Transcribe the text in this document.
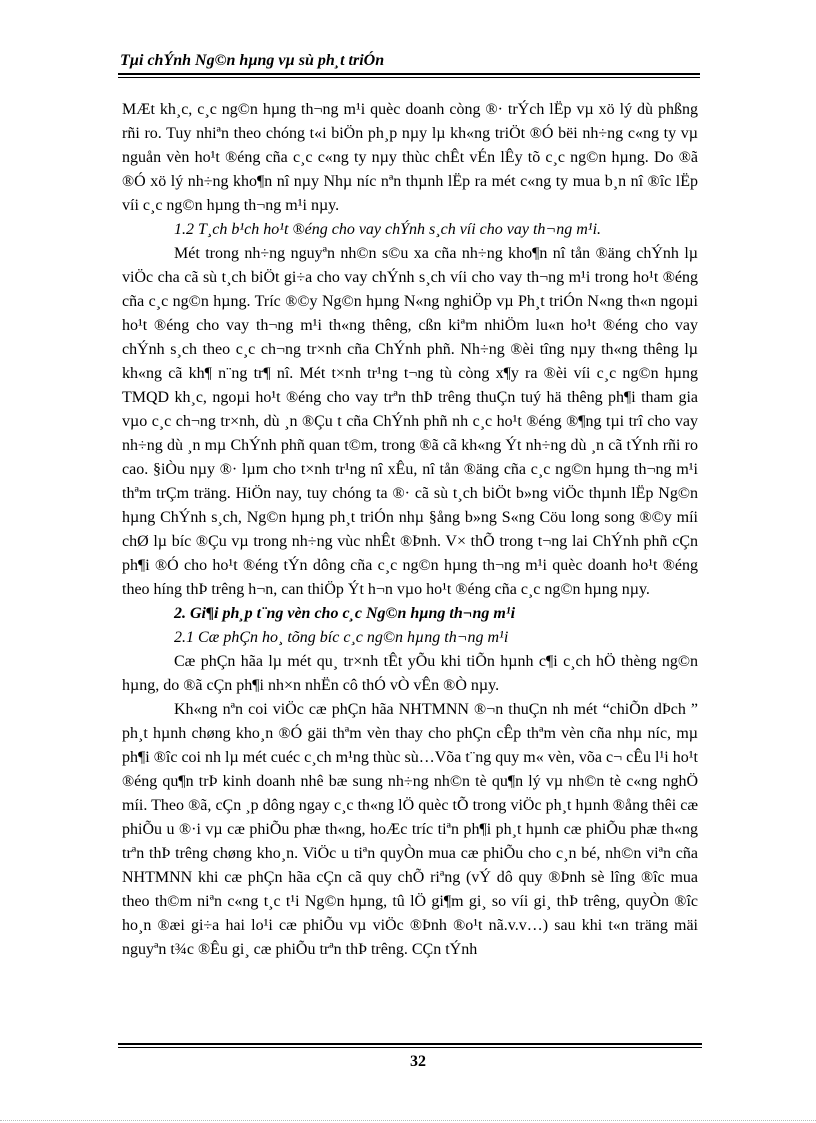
Tµi chÝnh Ng©n hµng vµ sù ph¸t triÓn

MÆt kh¸c, c¸c ng©n hµng th¬ng m¹i quèc doanh còng ®· trÝch lËp vµ xö lý dù phßng rñi ro. Tuy nhiªn theo chóng t«i biÖn ph¸p nµy lµ kh«ng triÖt ®Ó bëi nh÷ng c«ng ty vµ nguån vèn ho¹t ®éng cña c¸c c«ng ty nµy thùc chÊt vÉn lÊy tõ c¸c ng©n hµng. Do ®ã ®Ó xö lý nh÷ng kho¶n nî nµy Nhµ níc nªn thµnh lËp ra mét c«ng ty mua b¸n nî ®îc lËp víi c¸c ng©n hµng th¬ng m¹i nµy.

1.2 T¸ch b¹ch ho¹t ®éng cho vay chÝnh s¸ch víi cho vay th¬ng m¹i.

Mét trong nh÷ng nguyªn nh©n s©u xa cña nh÷ng kho¶n nî tån ®äng chÝnh lµ viÖc cha cã sù t¸ch biÖt gi÷a cho vay chÝnh s¸ch víi cho vay th¬ng m¹i trong ho¹t ®éng cña c¸c ng©n hµng. Tríc ®©y Ng©n hµng N«ng nghiÖp vµ Ph¸t triÓn N«ng th«n ngoµi ho¹t ®éng cho vay th¬ng m¹i th«ng thêng, cßn kiªm nhiÖm lu«n ho¹t ®éng cho vay chÝnh s¸ch theo c¸c ch¬ng tr×nh cña ChÝnh phñ. Nh÷ng ®èi tîng nµy th«ng thêng lµ kh«ng cã kh¶ n¨ng tr¶ nî. Mét t×nh tr¹ng t¬ng tù còng x¶y ra ®èi víi c¸c ng©n hµng TMQD kh¸c, ngoµi ho¹t ®éng cho vay trªn thÞ trêng thuÇn tuý hä thêng ph¶i tham gia vµo c¸c ch¬ng tr×nh, dù ¸n ®Çu t cña ChÝnh phñ nh c¸c ho¹t ®éng ®¶ng tµi trî cho vay nh÷ng dù ¸n mµ ChÝnh phñ quan t©m, trong ®ã cã kh«ng Ýt nh÷ng dù ¸n cã tÝnh rñi ro cao. §iÒu nµy ®· lµm cho t×nh tr¹ng nî xÊu, nî tån ®äng cña c¸c ng©n hµng th¬ng m¹i thªm trÇm träng. HiÖn nay, tuy chóng ta ®· cã sù t¸ch biÖt b»ng viÖc thµnh lËp Ng©n hµng ChÝnh s¸ch, Ng©n hµng ph¸t triÓn nhµ §ång b»ng S«ng Cöu long song ®©y míi chØ lµ bíc ®Çu vµ trong nh÷ng vùc nhÊt ®Þnh. V× thÕ trong t¬ng lai ChÝnh phñ cÇn ph¶i ®Ó cho ho¹t ®éng tÝn dông cña c¸c ng©n hµng th¬ng m¹i quèc doanh ho¹t ®éng theo híng thÞ trêng h¬n, can thiÖp Ýt h¬n vµo ho¹t ®éng cña c¸c ng©n hµng nµy.

2. Gi¶i ph¸p t¨ng vèn cho c¸c Ng©n hµng th¬ng m¹i

2.1 Cæ phÇn ho¸ tõng bíc c¸c ng©n hµng th¬ng m¹i

Cæ phÇn hãa lµ mét qu¸ tr×nh tÊt yÕu khi tiÕn hµnh c¶i c¸ch hÖ thèng ng©n hµng, do ®ã cÇn ph¶i nh×n nhËn cô thÓ vÒ vÊn ®Ò nµy.

Kh«ng nªn coi viÖc cæ phÇn hãa NHTMNN ®¬n thuÇn nh mét “chiÕn dÞch ” ph¸t hµnh chøng kho¸n ®Ó gäi thªm vèn thay cho phÇn cÊp thªm vèn cña nhµ níc, mµ ph¶i ®îc coi nh lµ mét cuéc c¸ch m¹ng thùc sù…Võa t¨ng quy m« vèn, võa c¬ cÊu l¹i ho¹t ®éng qu¶n trÞ kinh doanh nhê bæ sung nh÷ng nh©n tè qu¶n lý vµ nh©n tè c«ng nghÖ míi. Theo ®ã, cÇn ¸p dông ngay c¸c th«ng lÖ quèc tÕ trong viÖc ph¸t hµnh ®ång thêi cæ phiÕu u ®·i vµ cæ phiÕu phæ th«ng, hoÆc tríc tiªn ph¶i ph¸t hµnh cæ phiÕu phæ th«ng trªn thÞ trêng chøng kho¸n. ViÖc u tiªn quyÒn mua cæ phiÕu cho c¸n bé, nh©n viªn cña NHTMNN khi cæ phÇn hãa cÇn cã quy chÕ riªng (vÝ dô quy ®Þnh sè lîng ®îc mua theo th©m niªn c«ng t¸c t¹i Ng©n hµng, tû lÖ gi¶m gi¸ so víi gi¸ thÞ trêng, quyÒn ®îc ho¸n ®æi gi÷a hai lo¹i cæ phiÕu vµ viÖc ®Þnh ®o¹t nã.v.v…) sau khi t«n träng mäi nguyªn t¾c ®Êu gi¸ cæ phiÕu trªn thÞ trêng. CÇn tÝnh

32
